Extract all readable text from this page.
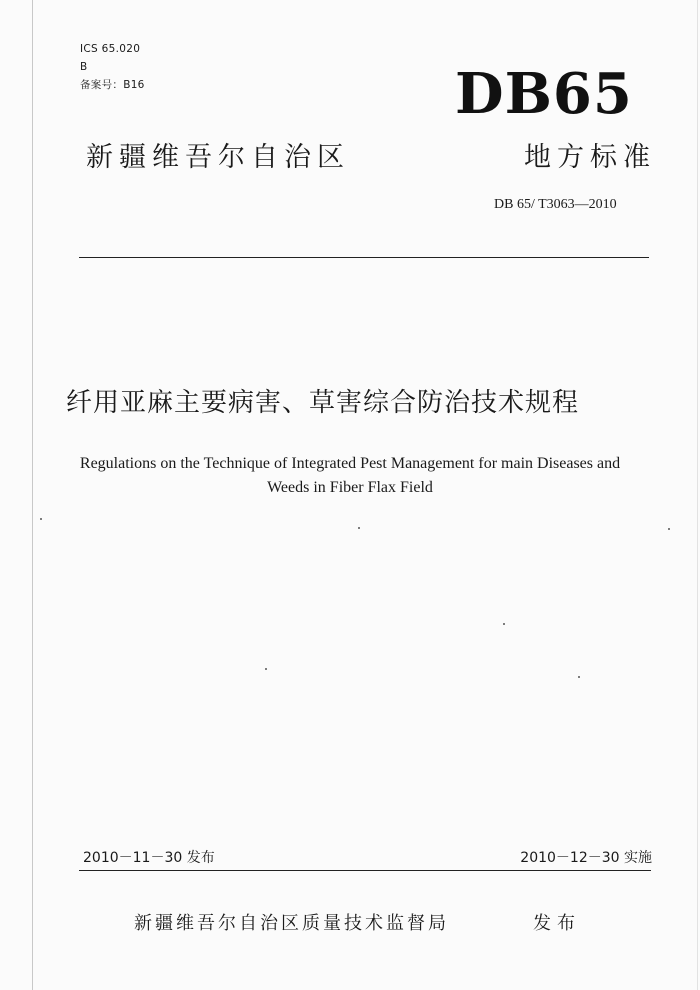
ICS 65.020
B
备案号：B16	DB65
新疆维吾尔自治区	地方标准
DB 65/ T3063—2010
纤用亚麻主要病害、草害综合防治技术规程
Regulations on the Technique of Integrated Pest Management for main Diseases and
Weeds in Fiber Flax Field
2010－11－30 发布	2010－12－30 实施
新疆维吾尔自治区质量技术监督局	发布
